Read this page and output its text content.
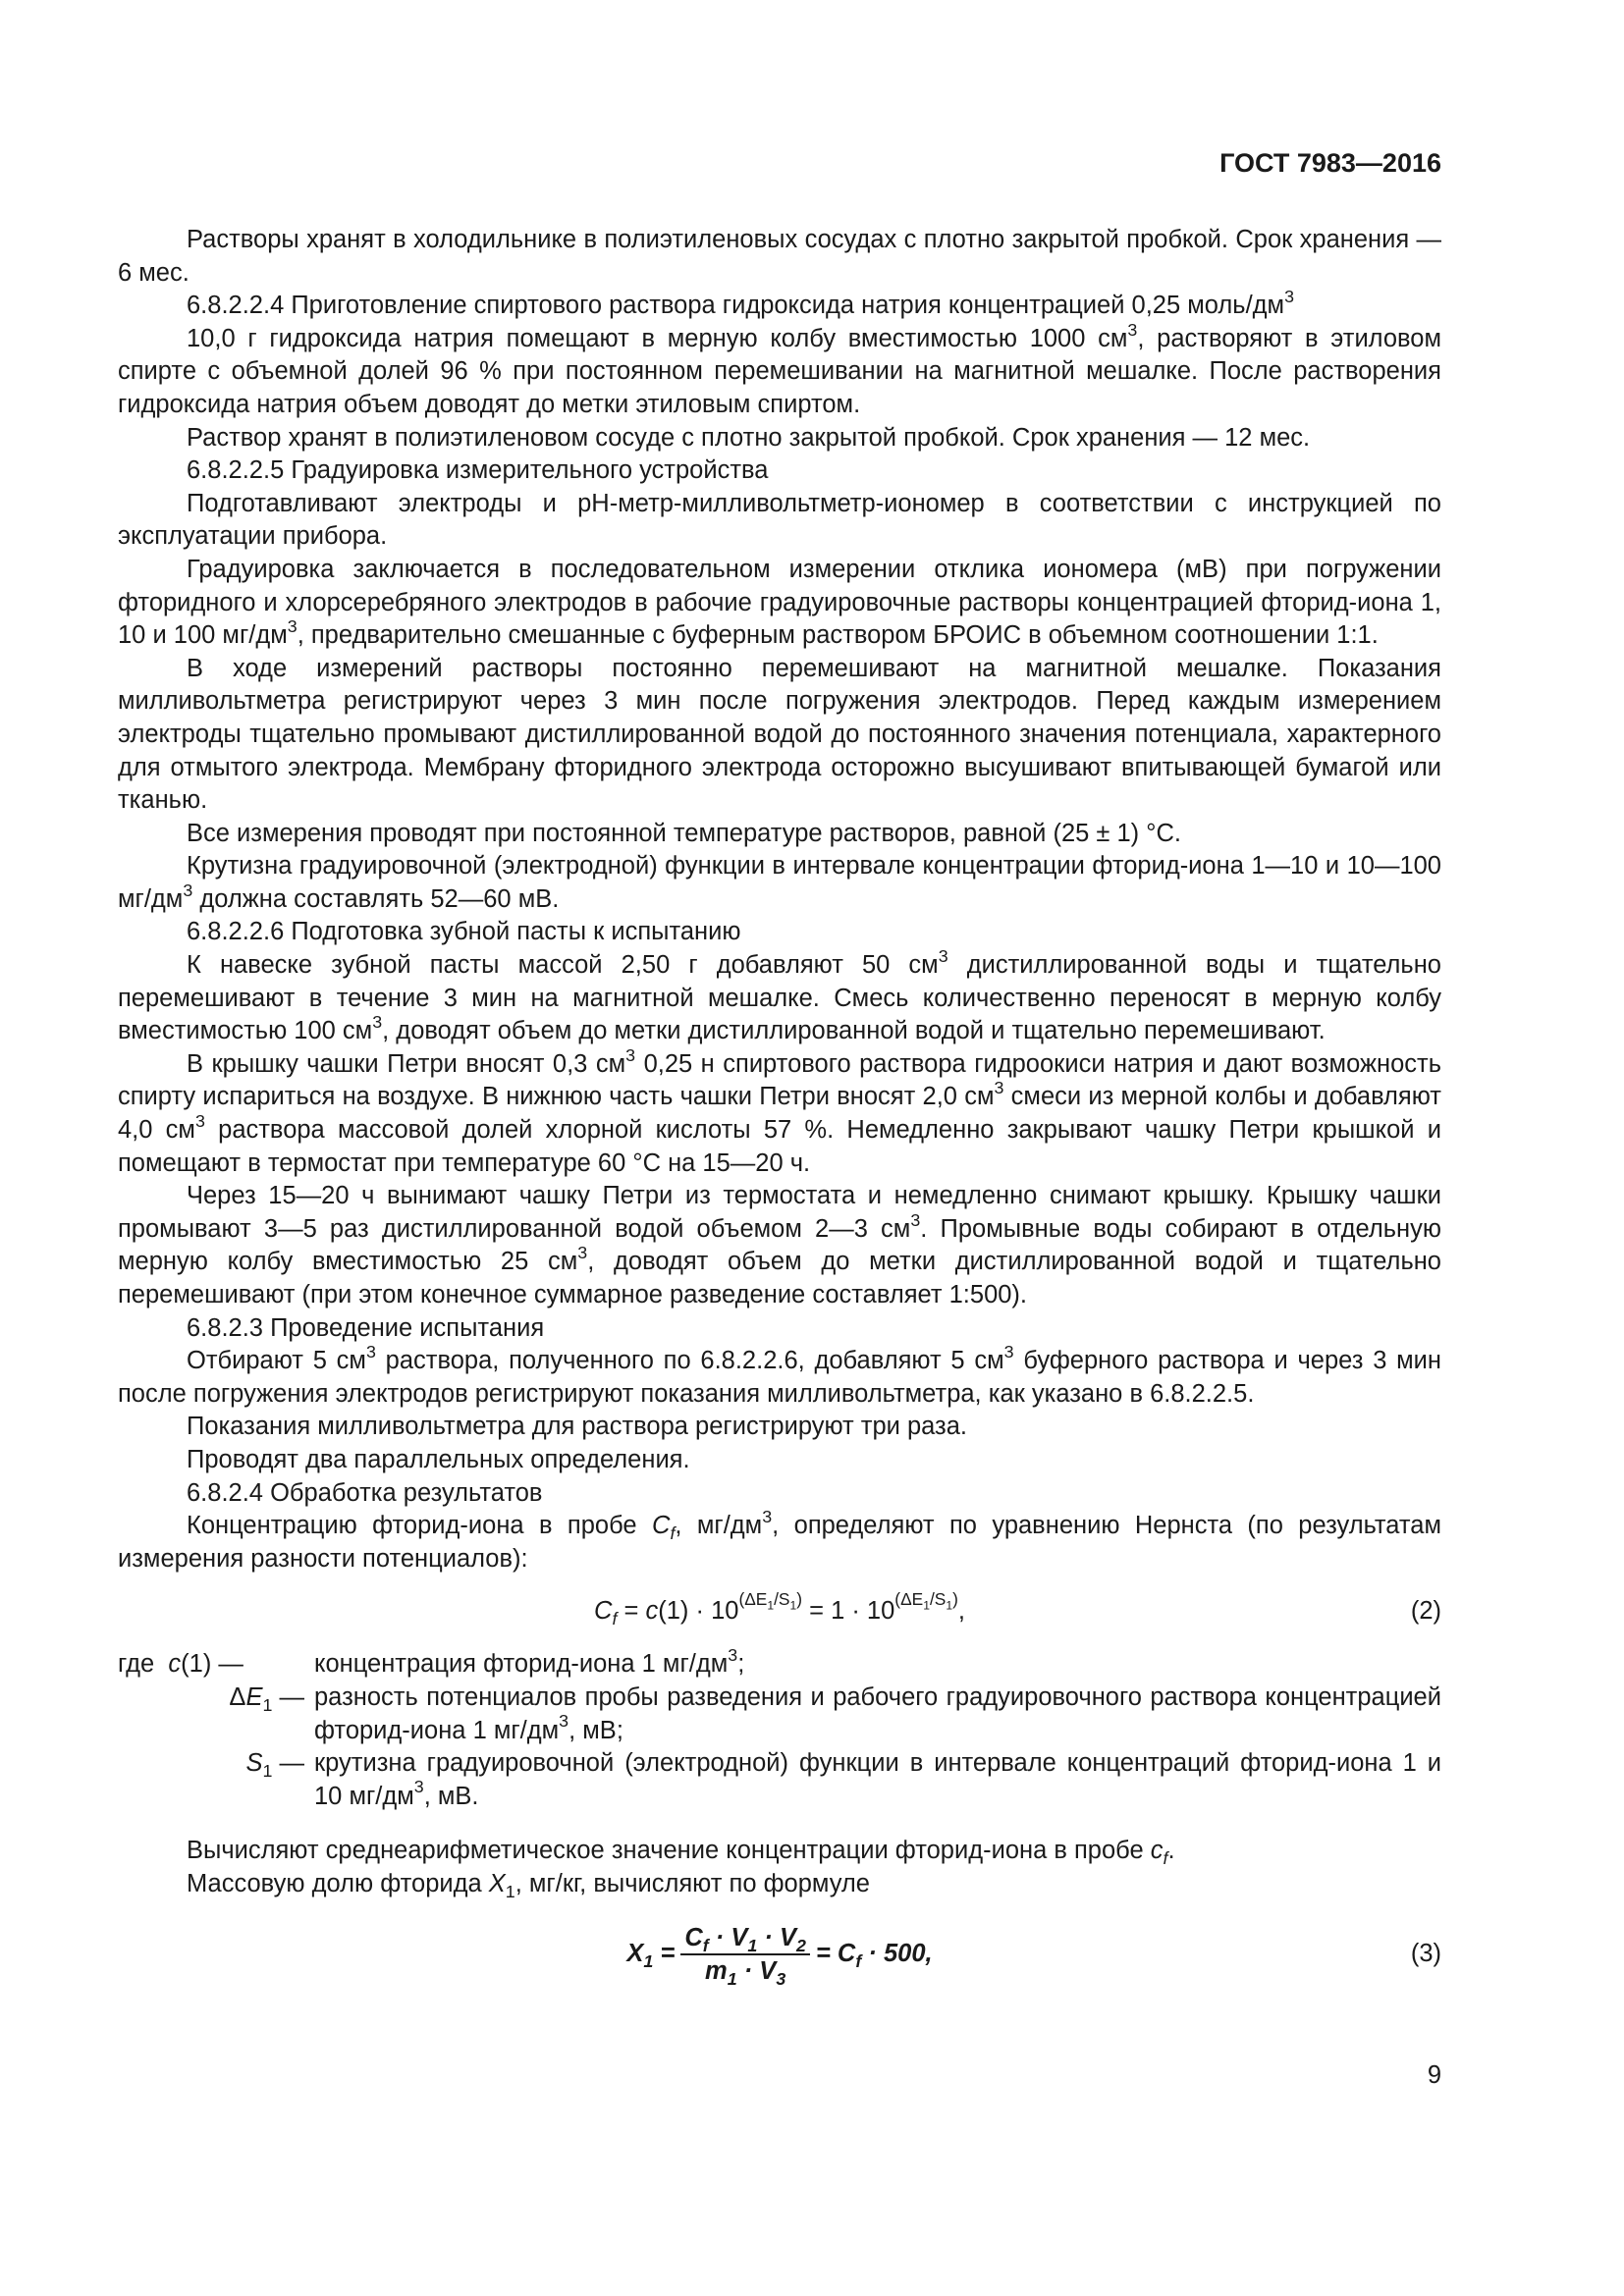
ГОСТ 7983—2016

Растворы хранят в холодильнике в полиэтиленовых сосудах с плотно закрытой пробкой. Срок хранения — 6 мес.

6.8.2.2.4 Приготовление спиртового раствора гидроксида натрия концентрацией 0,25 моль/$дм^3$

10,0 г гидроксида натрия помещают в мерную колбу вместимостью 1000 $см^3$, растворяют в этиловом спирте с объемной долей 96 % при постоянном перемешивании на магнитной мешалке. После растворения гидроксида натрия объем доводят до метки этиловым спиртом.

Раствор хранят в полиэтиленовом сосуде с плотно закрытой пробкой. Срок хранения — 12 мес.

6.8.2.2.5 Градуировка измерительного устройства

Подготавливают электроды и pH-метр-милливольтметр-иономер в соответствии с инструкцией по эксплуатации прибора.

Градуировка заключается в последовательном измерении отклика иономера (мВ) при погружении фторидного и хлорсеребряного электродов в рабочие градуировочные растворы концентрацией фторид-иона 1, 10 и 100 $мг/дм^3$, предварительно смешанные с буферным раствором БРОИС в объемном соотношении 1:1.

В ходе измерений растворы постоянно перемешивают на магнитной мешалке. Показания милливольтметра регистрируют через 3 мин после погружения электродов. Перед каждым измерением электроды тщательно промывают дистиллированной водой до постоянного значения потенциала, характерного для отмытого электрода. Мембрану фторидного электрода осторожно высушивают впитывающей бумагой или тканью.

Все измерения проводят при постоянной температуре растворов, равной (25 ± 1) °С.

Крутизна градуировочной (электродной) функции в интервале концентрации фторид-иона 1—10 и 10—100 $мг/дм^3$ должна составлять 52—60 мВ.

6.8.2.2.6 Подготовка зубной пасты к испытанию

К навеске зубной пасты массой 2,50 г добавляют 50 $см^3$ дистиллированной воды и тщательно перемешивают в течение 3 мин на магнитной мешалке. Смесь количественно переносят в мерную колбу вместимостью 100 $см^3$, доводят объем до метки дистиллированной водой и тщательно перемешивают.

В крышку чашки Петри вносят 0,3 $см^3$ 0,25 н спиртового раствора гидроокиси натрия и дают возможность спирту испариться на воздухе. В нижнюю часть чашки Петри вносят 2,0 $см^3$ смеси из мерной колбы и добавляют 4,0 $см^3$ раствора массовой долей хлорной кислоты 57 %. Немедленно закрывают чашку Петри крышкой и помещают в термостат при температуре 60 °С на 15—20 ч.

Через 15—20 ч вынимают чашку Петри из термостата и немедленно снимают крышку. Крышку чашки промывают 3—5 раз дистиллированной водой объемом 2—3 $см^3$. Промывные воды собирают в отдельную мерную колбу вместимостью 25 $см^3$, доводят объем до метки дистиллированной водой и тщательно перемешивают (при этом конечное суммарное разведение составляет 1:500).

6.8.2.3 Проведение испытания

Отбирают 5 $см^3$ раствора, полученного по 6.8.2.2.6, добавляют 5 $см^3$ буферного раствора и через 3 мин после погружения электродов регистрируют показания милливольтметра, как указано в 6.8.2.2.5.

Показания милливольтметра для раствора регистрируют три раза.

Проводят два параллельных определения.

6.8.2.4 Обработка результатов

Концентрацию фторид-иона в пробе $C_f$, $мг/дм^3$, определяют по уравнению Нернста (по результатам измерения разности потенциалов):

$C_f = c(1) \cdot 10^{(\Delta E_1/S_1)} = 1 \cdot 10^{(\Delta E_1/S_1)}$,	(2)
где c(1) —	концентрация фторид-иона 1 $мг/дм^3$;
$\Delta E_1$ — разность потенциалов пробы разведения и рабочего градуировочного раствора концентрацией фторид-иона 1 $мг/дм^3$, мВ;
$S_1$ — крутизна градуировочной (электродной) функции в интервале концентраций фторид-иона 1 и 10 $мг/дм^3$, мВ.

Вычисляют среднеарифметическое значение концентрации фторид-иона в пробе $c_f$.

Массовую долю фторида $X_1$, мг/кг, вычисляют по формуле

$X_1 = \frac{C_f \cdot V_1 \cdot V_2}{m_1 \cdot V_3} = C_f \cdot 500$,	(3)
9
